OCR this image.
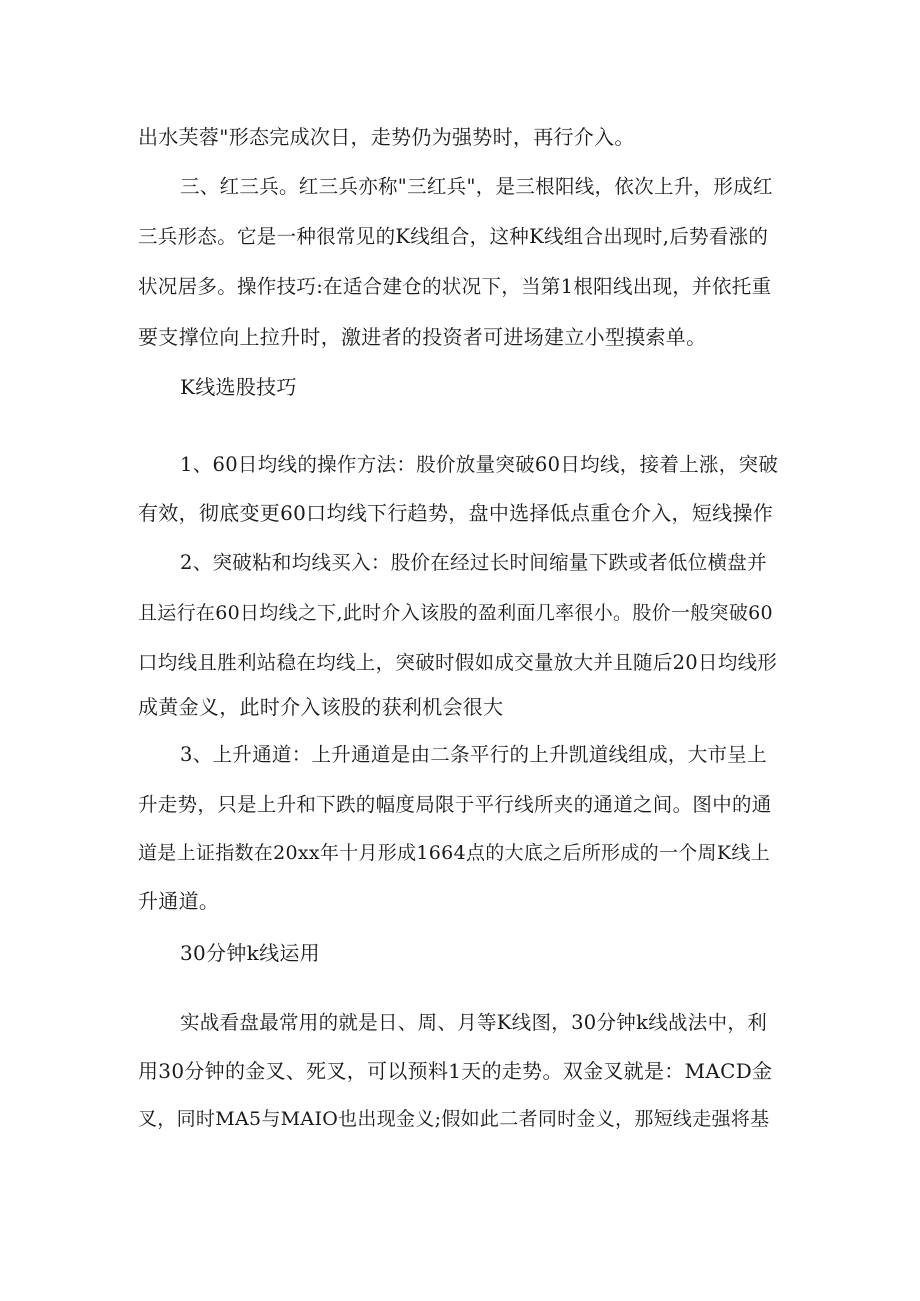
出水芙蓉"形态完成次日，走势仍为强势时，再行介入。
三、红三兵。红三兵亦称"三红兵"，是三根阳线，依次上升，形成红
三兵形态。它是一种很常见的K线组合，这种K线组合出现时,后势看涨的
状况居多。操作技巧:在适合建仓的状况下，当第1根阳线出现，并依托重
要支撑位向上拉升时，激进者的投资者可进场建立小型摸索单。
K线选股技巧
1、60日均线的操作方法：股价放量突破60日均线，接着上涨，突破
有效，彻底变更60口均线下行趋势，盘中选择低点重仓介入，短线操作
2、突破粘和均线买入：股价在经过长时间缩量下跌或者低位横盘并
且运行在60日均线之下,此时介入该股的盈利面几率很小。股价一般突破60
口均线且胜利站稳在均线上，突破时假如成交量放大并且随后20日均线形
成黄金义，此时介入该股的获利机会很大
3、上升通道：上升通道是由二条平行的上升凯道线组成，大市呈上
升走势，只是上升和下跌的幅度局限于平行线所夹的通道之间。图中的通
道是上证指数在20xx年十月形成1664点的大底之后所形成的一个周K线上
升通道。
30分钟k线运用
实战看盘最常用的就是日、周、月等K线图，30分钟k线战法中，利
用30分钟的金叉、死叉，可以预料1天的走势。双金叉就是：MACD金
叉，同时MA5与MAIO也出现金义;假如此二者同时金义，那短线走强将基
